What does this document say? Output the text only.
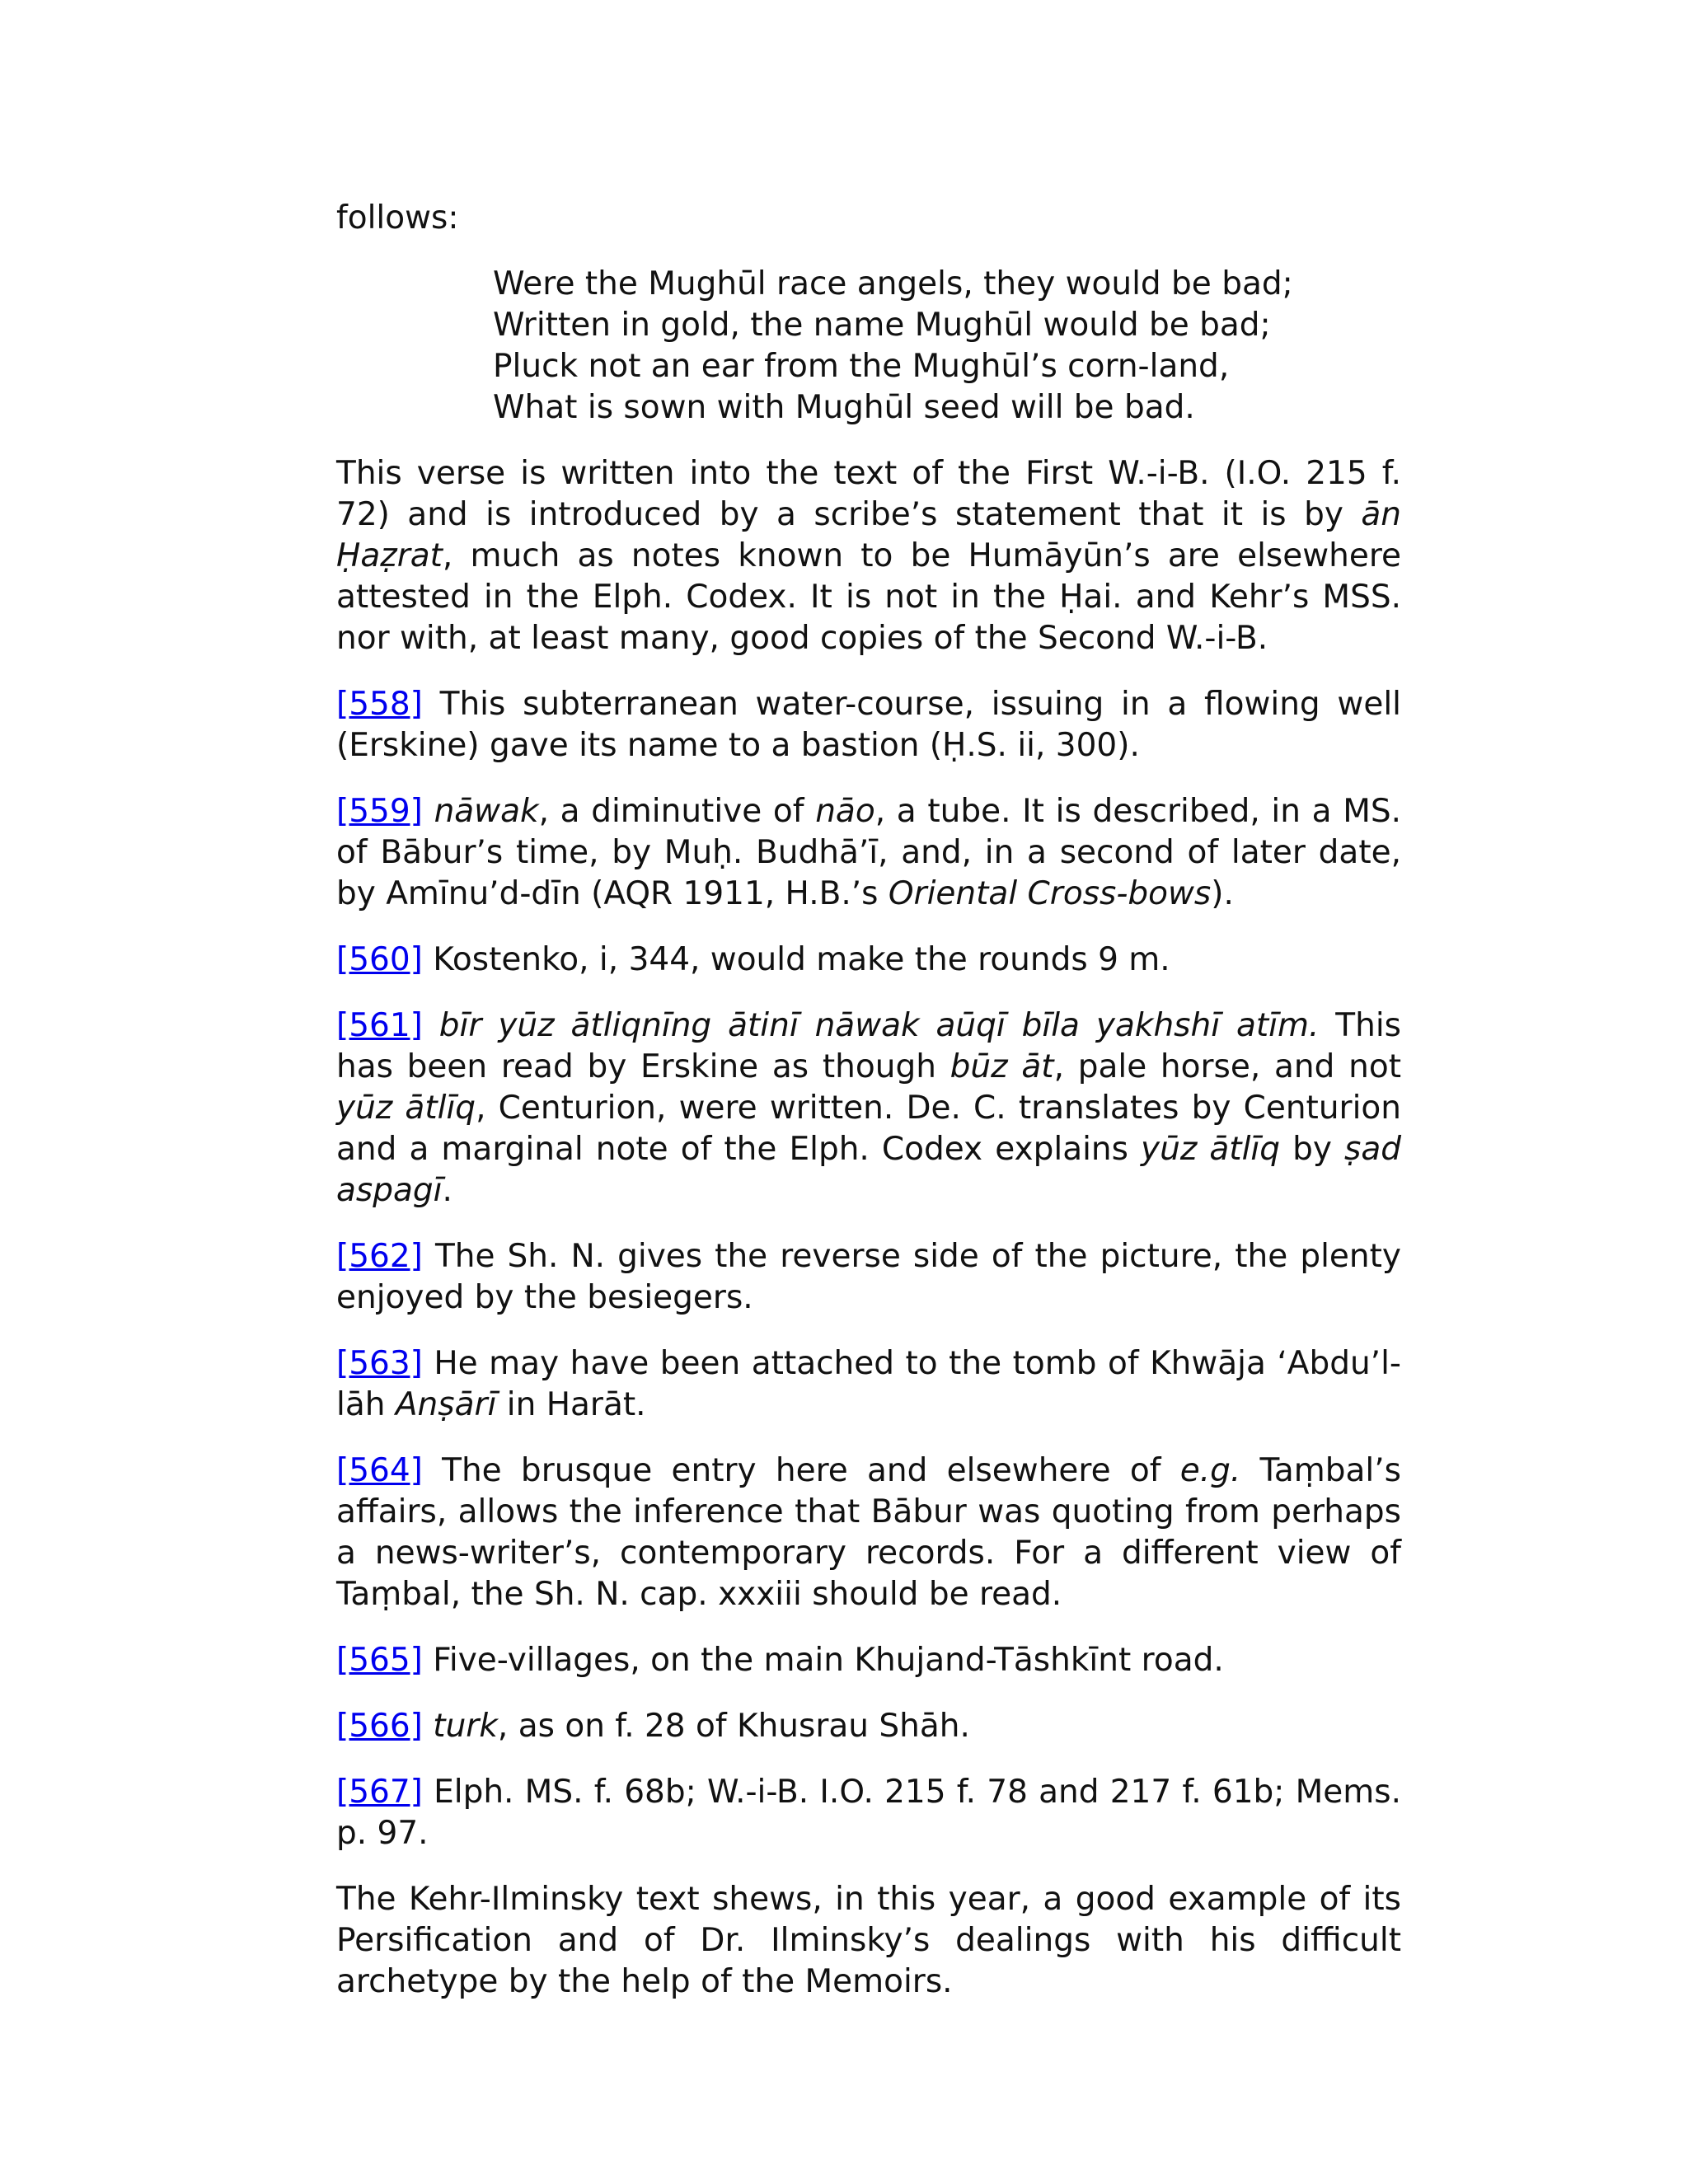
follows:

Were the Mughūl race angels, they would be bad;
Written in gold, the name Mughūl would be bad;
Pluck not an ear from the Mughūl’s corn-land,
What is sown with Mughūl seed will be bad.

This verse is written into the text of the First W.-i-B. (I.O. 215 f. 72) and is introduced by a scribe’s statement that it is by ān Ḥaẓrat, much as notes known to be Humāyūn’s are elsewhere attested in the Elph. Codex. It is not in the Ḥai. and Kehr’s MSS. nor with, at least many, good copies of the Second W.-i-B.

[558] This subterranean water-course, issuing in a flowing well (Erskine) gave its name to a bastion (Ḥ.S. ii, 300).

[559] nāwak, a diminutive of nāo, a tube. It is described, in a MS. of Bābur’s time, by Muḥ. Budhā’ī, and, in a second of later date, by Amīnu’d-dīn (AQR 1911, H.B.’s Oriental Cross-bows).

[560] Kostenko, i, 344, would make the rounds 9 m.

[561] bīr yūz ātliqnīng ātinī nāwak aūqī bīla yakhshī atīm. This has been read by Erskine as though būz āt, pale horse, and not yūz ātlīq, Centurion, were written. De. C. translates by Centurion and a marginal note of the Elph. Codex explains yūz ātlīq by ṣad aspagī.

[562] The Sh. N. gives the reverse side of the picture, the plenty enjoyed by the besiegers.

[563] He may have been attached to the tomb of Khwāja ‘Abdu’l-lāh Anṣārī in Harāt.

[564] The brusque entry here and elsewhere of e.g. Taṃbal’s affairs, allows the inference that Bābur was quoting from perhaps a news-writer’s, contemporary records. For a different view of Taṃbal, the Sh. N. cap. xxxiii should be read.

[565] Five-villages, on the main Khujand-Tāshkīnt road.

[566] turk, as on f. 28 of Khusrau Shāh.

[567] Elph. MS. f. 68b; W.-i-B. I.O. 215 f. 78 and 217 f. 61b; Mems. p. 97.

The Kehr-Ilminsky text shews, in this year, a good example of its Persification and of Dr. Ilminsky’s dealings with his difficult archetype by the help of the Memoirs.
